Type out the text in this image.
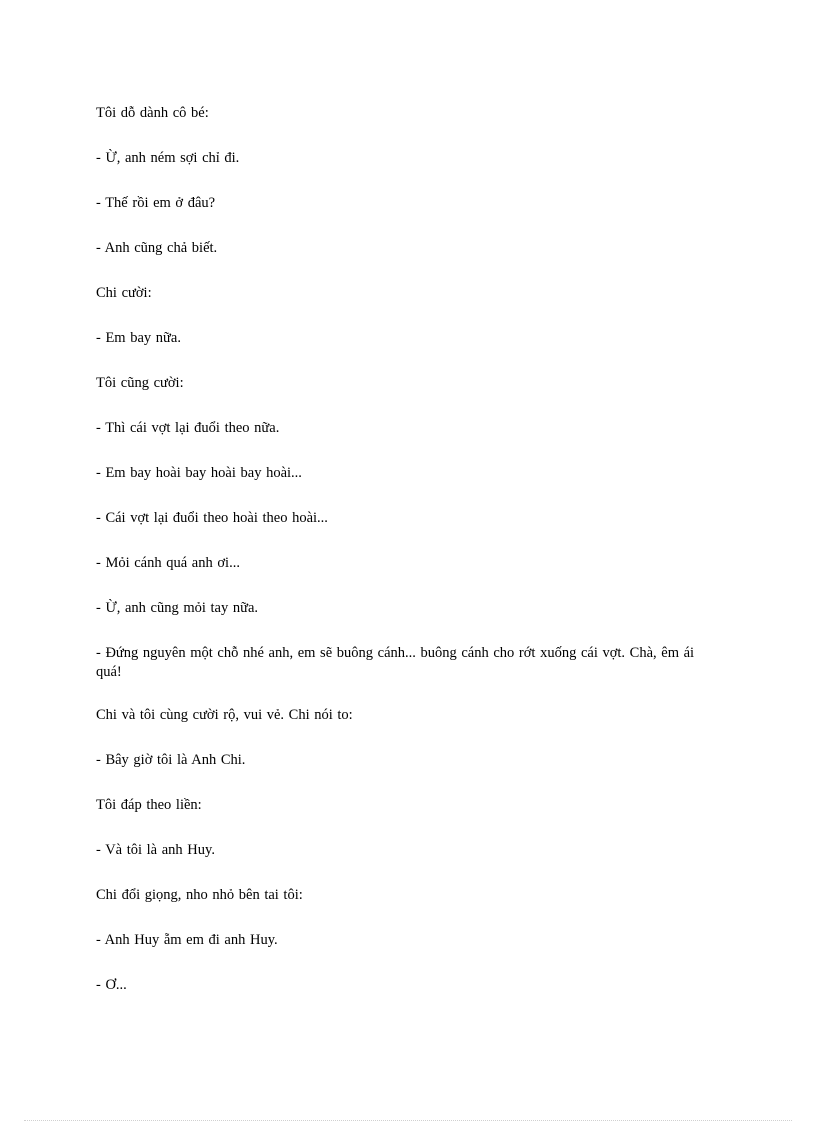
Tôi dỗ dành cô bé:

- Ừ, anh ném sợi chỉ đi.

- Thế rồi em ở đâu?

- Anh cũng chả biết.

Chi cười:

- Em bay nữa.

Tôi cũng cười:

- Thì cái vợt lại đuổi theo nữa.

- Em bay hoài bay hoài bay hoài...

- Cái vợt lại đuổi theo hoài theo hoài...

- Mỏi cánh quá anh ơi...

- Ừ, anh cũng mỏi tay nữa.

- Đứng nguyên một chỗ nhé anh, em sẽ buông cánh... buông cánh cho rớt xuống cái vợt. Chà, êm ái quá!

Chi và tôi cùng cười rộ, vui vẻ. Chi nói to:

- Bây giờ tôi là Anh Chi.

Tôi đáp theo liền:

- Và tôi là anh Huy.

Chi đổi giọng, nho nhỏ bên tai tôi:

- Anh Huy ẵm em đi anh Huy.

- Ơ...
